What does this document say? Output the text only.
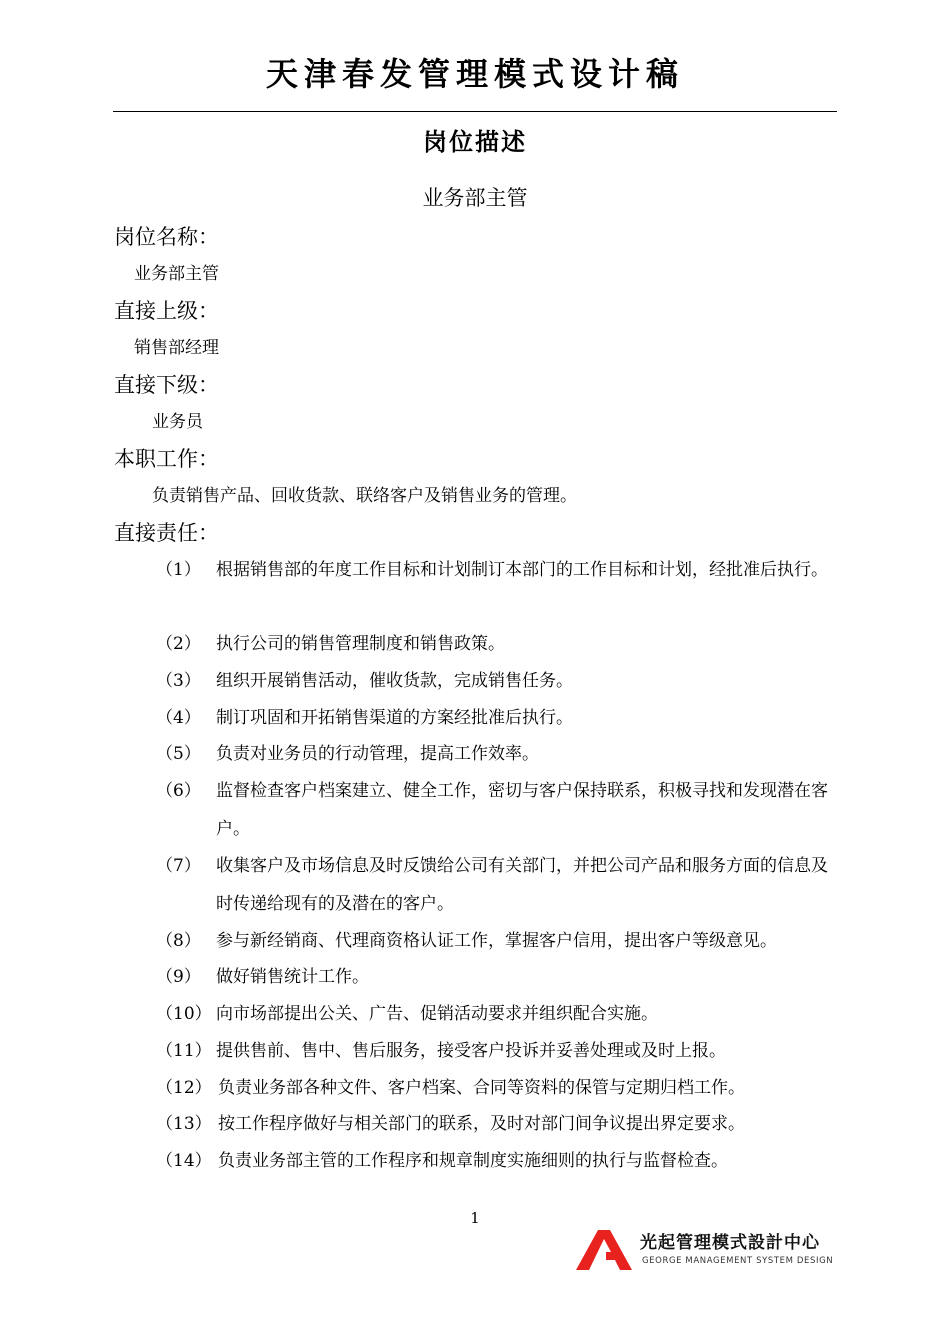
天津春发管理模式设计稿
岗位描述
业务部主管
岗位名称：
业务部主管
直接上级：
销售部经理
直接下级：
业务员
本职工作：
负责销售产品、回收货款、联络客户及销售业务的管理。
直接责任：
（1） 根据销售部的年度工作目标和计划制订本部门的工作目标和计划，经批准后执行。
（2） 执行公司的销售管理制度和销售政策。
（3） 组织开展销售活动，催收货款，完成销售任务。
（4） 制订巩固和开拓销售渠道的方案经批准后执行。
（5） 负责对业务员的行动管理，提高工作效率。
（6） 监督检查客户档案建立、健全工作，密切与客户保持联系，积极寻找和发现潜在客户。
（7） 收集客户及市场信息及时反馈给公司有关部门，并把公司产品和服务方面的信息及时传递给现有的及潜在的客户。
（8） 参与新经销商、代理商资格认证工作，掌握客户信用，提出客户等级意见。
（9） 做好销售统计工作。
（10） 向市场部提出公关、广告、促销活动要求并组织配合实施。
（11） 提供售前、售中、售后服务，接受客户投诉并妥善处理或及时上报。
（12） 负责业务部各种文件、客户档案、合同等资料的保管与定期归档工作。
（13） 按工作程序做好与相关部门的联系，及时对部门间争议提出界定要求。
（14） 负责业务部主管的工作程序和规章制度实施细则的执行与监督检查。
1
光起管理模式設計中心
GEORGE MANAGEMENT SYSTEM DESIGN
